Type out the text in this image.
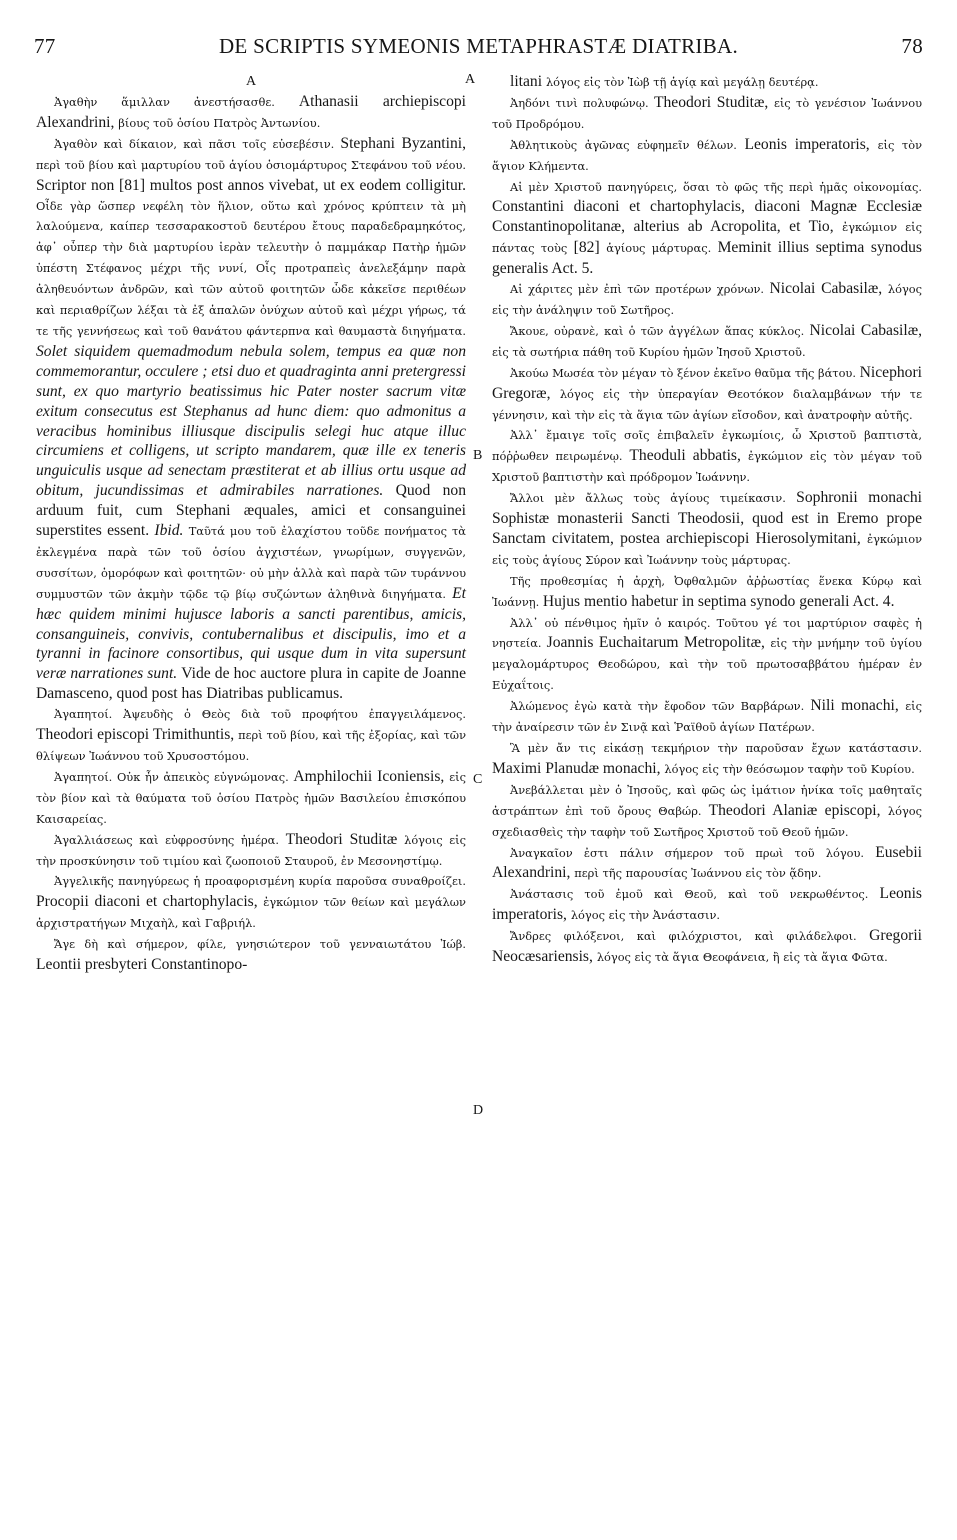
77	DE SCRIPTIS SYMEONIS METAPHRASTÆ DIATRIBA.	78
A

Ἀγαθὴν ἅμιλλαν ἀνεστήσασθε. Athanasii archiepiscopi Alexandrini, βίους τοῦ ὁσίου Πατρὸς Ἀντωνίου.

Ἀγαθὸν καὶ δίκαιον, καὶ πᾶσι τοῖς εὐσεβέσιν. Stephani Byzantini, περὶ τοῦ βίου καὶ μαρτυρίου τοῦ ἁγίου ὁσιομάρτυρος Στεφάνου τοῦ νέου. Scriptor non [81] multos post annos vivebat, ut ex eodem colligitur. Οἶδε γὰρ ὥσπερ νεφέλη τὸν ἥλιον, οὕτω καὶ χρόνος κρύπτειν τὰ μὴ λαλούμενα, καίπερ τεσσαρακοστοῦ δευτέρου ἔτους παραδεδραμηκότος, ἀφ᾽ οὗπερ τὴν διὰ μαρτυρίου ἱερὰν τελευτὴν ὁ παμμάκαρ Πατὴρ ἡμῶν ὑπέστη Στέφανος μέχρι τῆς νυνί, Οἷς προτραπεὶς ἀνελεξάμην παρὰ ἀληθευόντων ἀνδρῶν, καὶ τῶν αὐτοῦ φοιτητῶν ὧδε κἀκεῖσε περιθέων καὶ περιαθρίζων λέξαι τὰ ἐξ ἁπαλῶν ὀνύχων αὐτοῦ καὶ μέχρι γήρως, τά τε τῆς γεννήσεως καὶ τοῦ θανάτου φάντερπνα καὶ θαυμαστὰ διηγήματα. Solet siquidem quemadmodum nebula solem, tempus ea quæ non commemorantur, occulere ; etsi duo et quadraginta anni pretergressi sunt, ex quo martyrio beatissimus hic Pater noster sacrum vitæ exitum consecutus est Stephanus ad hunc diem: quo admonitus a veracibus hominibus illiusque discipulis selegi huc atque illuc circumiens et colligens, ut scripto mandarem, quæ ille ex teneris unguiculis usque ad senectam præstiterat et ab illius ortu usque ad obitum, jucundissimas et admirabiles narrationes. Quod non arduum fuit, cum Stephani æquales, amici et consanguinei superstites essent. Ibid. Ταῦτά μου τοῦ ἐλαχίστου τοῦδε πονήματος τὰ ἐκλεγμένα παρὰ τῶν τοῦ ὁσίου ἀγχιστέων, γνωρίμων, συγγενῶν, συσσίτων, ὁμορόφων καὶ φοιτητῶν· οὐ μὴν ἀλλὰ καὶ παρὰ τῶν τυράννου συμμυστῶν τῶν ἀκμὴν τῷδε τῷ βίῳ συζώντων ἀληθινὰ διηγήματα. Et hæc quidem minimi hujusce laboris a sancti parentibus, amicis, consanguineis, convivis, contubernalibus et discipulis, imo et a tyranni in facinore consortibus, qui usque dum in vita supersunt veræ narrationes sunt. Vide de hoc auctore plura in capite de Joanne Damasceno, quod post has Diatribas publicamus.

Ἀγαπητοί. Ἀψευδὴς ὁ Θεὸς διὰ τοῦ προφήτου ἐπαγγειλάμενος. Theodori episcopi Trimithuntis, περὶ τοῦ βίου, καὶ τῆς ἐξορίας, καὶ τῶν θλίψεων Ἰωάννου τοῦ Χρυσοστόμου.

Ἀγαπητοί. Οὐκ ἦν ἀπεικὸς εὐγνώμονας. Amphilochii Iconiensis, εἰς τὸν βίον καὶ τὰ θαύματα τοῦ ὁσίου Πατρὸς ἡμῶν Βασιλείου ἐπισκόπου Καισαρείας.

Ἀγαλλιάσεως καὶ εὐφροσύνης ἡμέρα. Theodori Studitæ λόγοις εἰς τὴν προσκύνησιν τοῦ τιμίου καὶ ζωοποιοῦ Σταυροῦ, ἐν Μεσονηστίμῳ.

Ἀγγελικῆς πανηγύρεως ἡ προαφορισμένη κυρία παροῦσα συναθροίζει. Procopii diaconi et chartophylacis, ἐγκώμιον τῶν θείων καὶ μεγάλων ἀρχιστρατήγων Μιχαὴλ, καὶ Γαβριήλ.

Ἄγε δὴ καὶ σήμερον, φίλε, γνησιώτερον τοῦ γενναιωτάτου Ἰώβ. Leontii presbyteri Constantinopo-

litani λόγος εἰς τὸν Ἰὼβ τῇ ἁγίᾳ καὶ μεγάλῃ δευτέρᾳ.

Ἀηδόνι τινὶ πολυφώνῳ. Theodori Studitæ, εἰς τὸ γενέσιον Ἰωάννου τοῦ Προδρόμου.

Ἀθλητικοὺς ἀγῶνας εὐφημεῖν θέλων. Leonis imperatoris, εἰς τὸν ἅγιον Κλήμεντα.

Αἱ μὲν Χριστοῦ πανηγύρεις, ὅσαι τὸ φῶς τῆς περὶ ἡμᾶς οἰκονομίας. Constantini diaconi et chartophylacis, diaconi Magnæ Ecclesiæ Constantinopolitanæ, alterius ab Acropolita, et Tio, ἐγκώμιον εἰς πάντας τοὺς [82] ἁγίους μάρτυρας. Meminit illius septima synodus generalis Act. 5.

Αἱ χάριτες μὲν ἐπὶ τῶν προτέρων χρόνων. Nicolai Cabasilæ, λόγος εἰς τὴν ἀνάληψιν τοῦ Σωτῆρος.

Ἄκουε, οὐρανὲ, καὶ ὁ τῶν ἀγγέλων ἅπας κύκλος. Nicolai Cabasilæ, εἰς τὰ σωτήρια πάθη τοῦ Κυρίου ἡμῶν Ἰησοῦ Χριστοῦ.

Ἀκούω Μωσέα τὸν μέγαν τὸ ξένον ἐκεῖνο θαῦμα τῆς βάτου. Nicephori Gregoræ, λόγος εἰς τὴν ὑπεραγίαν Θεοτόκον διαλαμβάνων τήν τε γέννησιν, καὶ τὴν εἰς τὰ ἅγια τῶν ἁγίων εἴσοδον, καὶ ἀνατροφὴν αὐτῆς.

Ἀλλ᾽ ἔμαιγε τοῖς σοῖς ἐπιβαλεῖν ἐγκωμίοις, ὦ Χριστοῦ βαπτιστὰ, πόῤῥωθεν πειρωμένῳ. Theoduli abbatis, ἐγκώμιον εἰς τὸν μέγαν τοῦ Χριστοῦ βαπτιστὴν καὶ πρόδρομον Ἰωάννην.

Ἄλλοι μὲν ἄλλως τοὺς ἁγίους τιμείκασιν. Sophronii monachi Sophistæ monasterii Sancti Theodosii, quod est in Eremo prope Sanctam civitatem, postea archiepiscopi Hierosolymitani, ἐγκώμιον εἰς τοὺς ἁγίους Σύρον καὶ Ἰωάννην τοὺς μάρτυρας.

Τῆς προθεσμίας ἡ ἀρχὴ, Ὀφθαλμῶν ἀῤῥωστίας ἕνεκα Κύρῳ καὶ Ἰωάννῃ. Hujus mentio habetur in septima synodo generali Act. 4.

Ἀλλ᾽ οὐ πένθιμος ἡμῖν ὁ καιρός. Τοῦτου γέ τοι μαρτύριον σαφὲς ἡ νηστεία. Joannis Euchaitarum Metropolitæ, εἰς τὴν μνήμην τοῦ ὑγίου μεγαλομάρτυρος Θεοδώρου, καὶ τὴν τοῦ πρωτοσαββάτου ἡμέραν ἐν Εὐχαΐτοις.

Ἀλώμενος ἐγὼ κατὰ τὴν ἔφοδον τῶν Βαρβάρων. Nili monachi, εἰς τὴν ἀναίρεσιν τῶν ἐν Σινᾷ καὶ Ῥαϊθοῦ ἁγίων Πατέρων.

Ἃ μὲν ἄν τις εἰκάσῃ τεκμήριον τὴν παροῦσαν ἔχων κατάστασιν. Maximi Planudæ monachi, λόγος εἰς τὴν θεόσωμον ταφὴν τοῦ Κυρίου.

Ἀνεβάλλεται μὲν ὁ Ἰησοῦς, καὶ φῶς ὡς ἱμάτιον ἡνίκα τοῖς μαθηταῖς ἀστράπτων ἐπὶ τοῦ ὄρους Θαβώρ. Theodori Alaniæ episcopi, λόγος σχεδιασθεὶς τὴν ταφὴν τοῦ Σωτῆρος Χριστοῦ τοῦ Θεοῦ ἡμῶν.

Ἀναγκαῖον ἐστι πάλιν σήμερον τοῦ πρωὶ τοῦ λόγου. Eusebii Alexandrini, περὶ τῆς παρουσίας Ἰωάννου εἰς τὸν ᾅδην.

Ἀνάστασις τοῦ ἐμοῦ καὶ Θεοῦ, καὶ τοῦ νεκρωθέντος. Leonis imperatoris, λόγος εἰς τὴν Ἀνάστασιν.

Ἄνδρες φιλόξενοι, καὶ φιλόχριστοι, καὶ φιλάδελφοι. Gregorii Neocæsariensis, λόγος εἰς τὰ ἅγια Θεοφάνεια, ἢ εἰς τὰ ἅγια Φῶτα.

A
B
C
D
